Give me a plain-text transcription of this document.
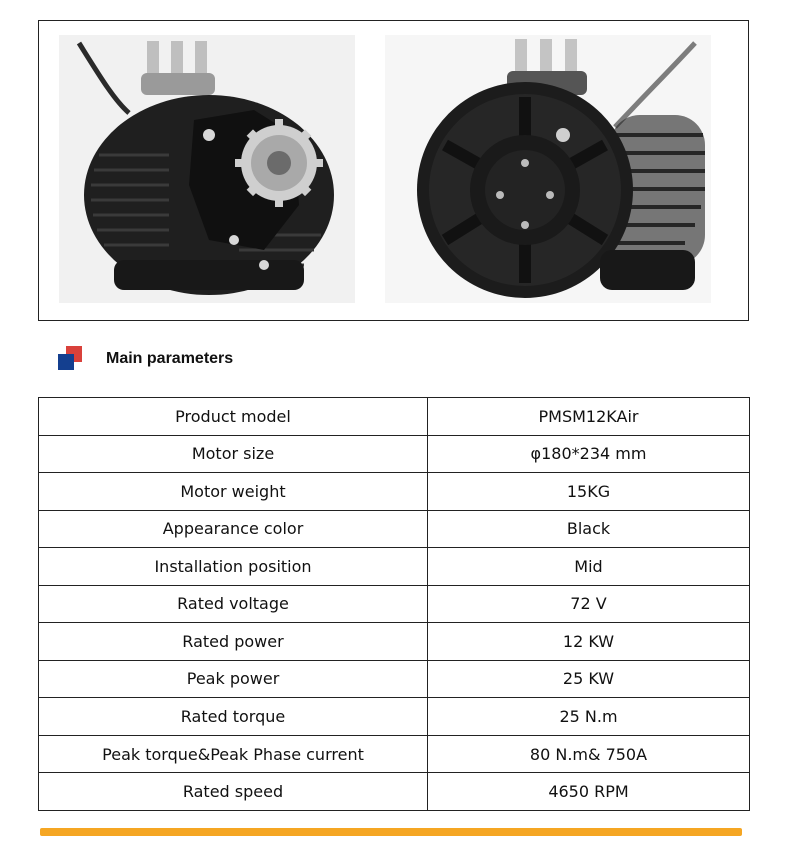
Main parameters
Product model	PMSM12KAir
Motor size	φ180*234 mm
Motor weight	15KG
Appearance color	Black
Installation position	Mid
Rated voltage	72 V
Rated power	12 KW
Peak power	25 KW
Rated torque	25 N.m
Peak torque&Peak Phase current	80 N.m& 750A
Rated speed	4650 RPM
